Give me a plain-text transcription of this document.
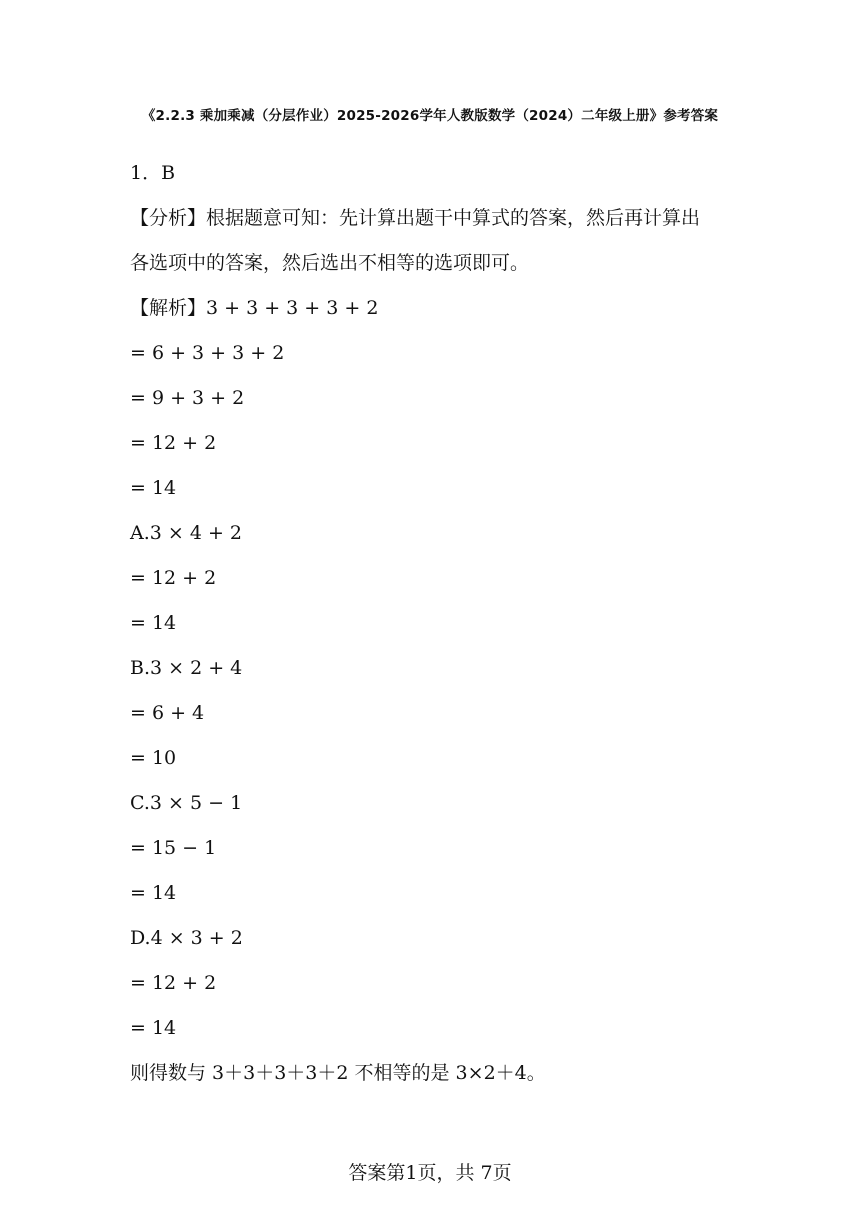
《2.2.3 乘加乘减（分层作业）2025-2026学年人教版数学（2024）二年级上册》参考答案
1．B
【分析】根据题意可知：先计算出题干中算式的答案，然后再计算出
各选项中的答案，然后选出不相等的选项即可。
【解析】3 + 3 + 3 + 3 + 2
= 6 + 3 + 3 + 2
= 9 + 3 + 2
= 12 + 2
= 14
A.3 × 4 + 2
= 12 + 2
= 14
B.3 × 2 + 4
= 6 + 4
= 10
C.3 × 5 − 1
= 15 − 1
= 14
D.4 × 3 + 2
= 12 + 2
= 14
则得数与 3＋3＋3＋3＋2 不相等的是 3×2＋4。
答案第1页，共 7页
